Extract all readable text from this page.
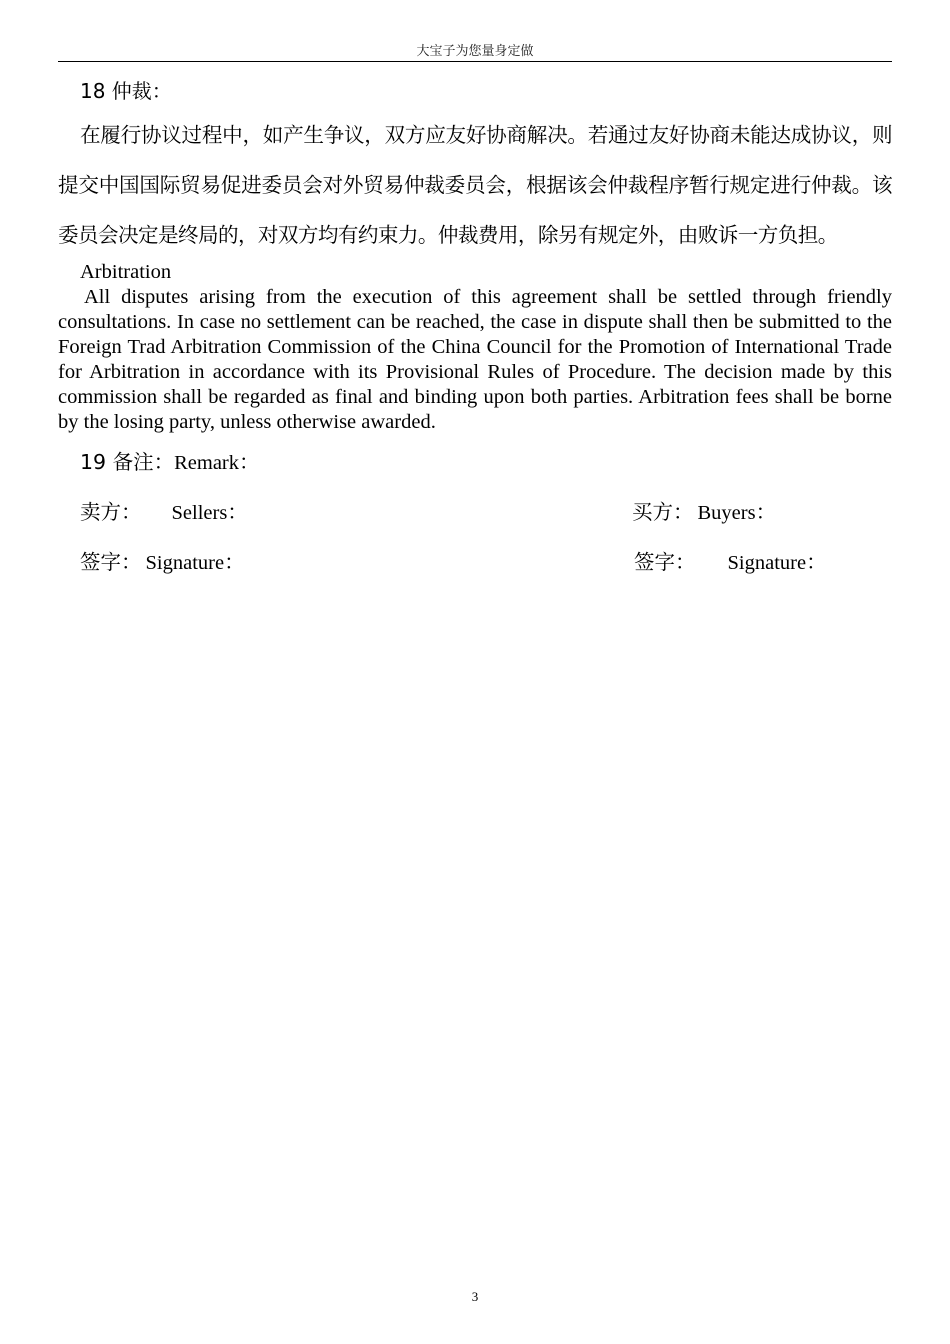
大宝子为您量身定做

18 仲裁：

在履行协议过程中，如产生争议，双方应友好协商解决。若通过友好协商未能达成协议，则提交中国国际贸易促进委员会对外贸易仲裁委员会，根据该会仲裁程序暂行规定进行仲裁。该委员会决定是终局的，对双方均有约束力。仲裁费用，除另有规定外，由败诉一方负担。

Arbitration

All disputes arising from the execution of this agreement shall be settled through friendly consultations. In case no settlement can be reached, the case in dispute shall then be submitted to the Foreign Trad Arbitration Commission of the China Council for the Promotion of International Trade for Arbitration in accordance with its Provisional Rules of Procedure. The decision made by this commission shall be regarded as final and binding upon both parties. Arbitration fees shall be borne by the losing party, unless otherwise awarded.

19 备注：Remark：
卖方： Sellers：	买方： Buyers：
签字： Signature：	签字： Signature：
3
